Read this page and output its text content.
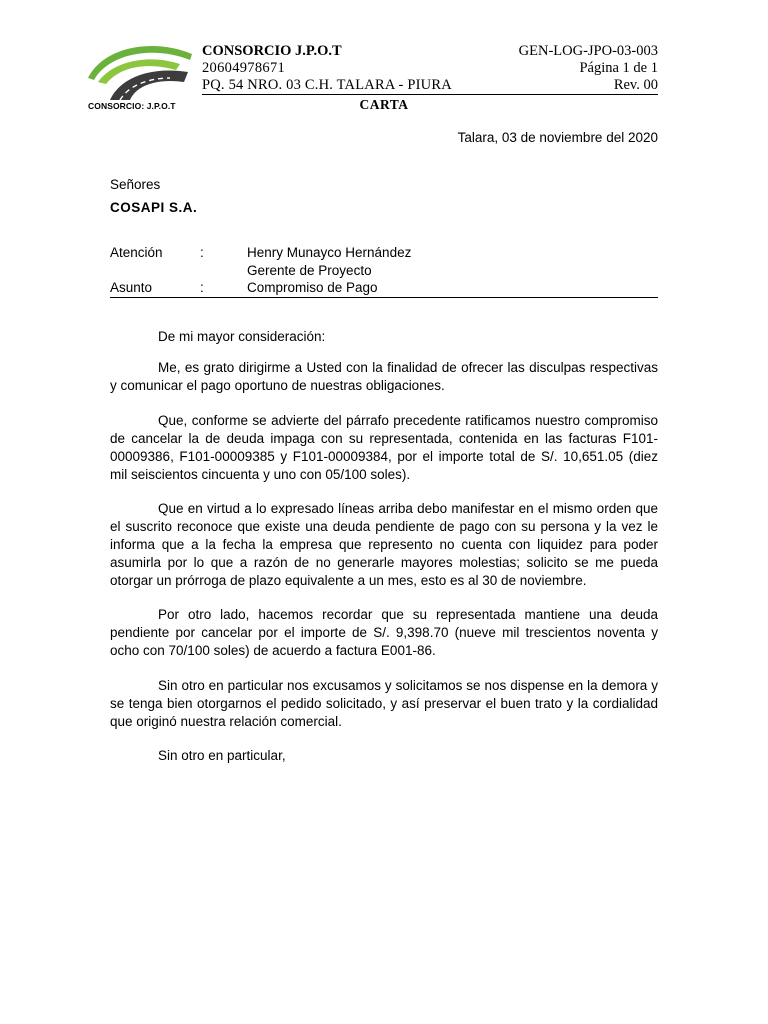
CONSORCIO: J.P.O.T
CONSORCIO J.P.O.T
20604978671
PQ. 54 NRO. 03 C.H. TALARA - PIURA
GEN-LOG-JPO-03-003
Página 1 de 1
Rev. 00
CARTA
Talara, 03 de noviembre del 2020
Señores
COSAPI S.A.
Atención	:	Henry Munayco Hernández
Gerente de Proyecto
Asunto	:	Compromiso de Pago
De mi mayor consideración:

Me, es grato dirigirme a Usted con la finalidad de ofrecer las disculpas respectivas y comunicar el pago oportuno de nuestras obligaciones.

Que, conforme se advierte del párrafo precedente ratificamos nuestro compromiso de cancelar la de deuda impaga con su representada, contenida en las facturas F101-00009386, F101-00009385 y F101-00009384, por el importe total de S/. 10,651.05 (diez mil seiscientos cincuenta y uno con 05/100 soles).

Que en virtud a lo expresado líneas arriba debo manifestar en el mismo orden que el suscrito reconoce que existe una deuda pendiente de pago con su persona y la vez le informa que a la fecha la empresa que represento no cuenta con liquidez para poder asumirla por lo que a razón de no generarle mayores molestias; solicito se me pueda otorgar un prórroga de plazo equivalente a un mes, esto es al 30 de noviembre.

Por otro lado, hacemos recordar que su representada mantiene una deuda pendiente por cancelar por el importe de S/. 9,398.70 (nueve mil trescientos noventa y ocho con 70/100 soles) de acuerdo a factura E001-86.

Sin otro en particular nos excusamos y solicitamos se nos dispense en la demora y se tenga bien otorgarnos el pedido solicitado, y así preservar el buen trato y la cordialidad que originó nuestra relación comercial.

Sin otro en particular,
